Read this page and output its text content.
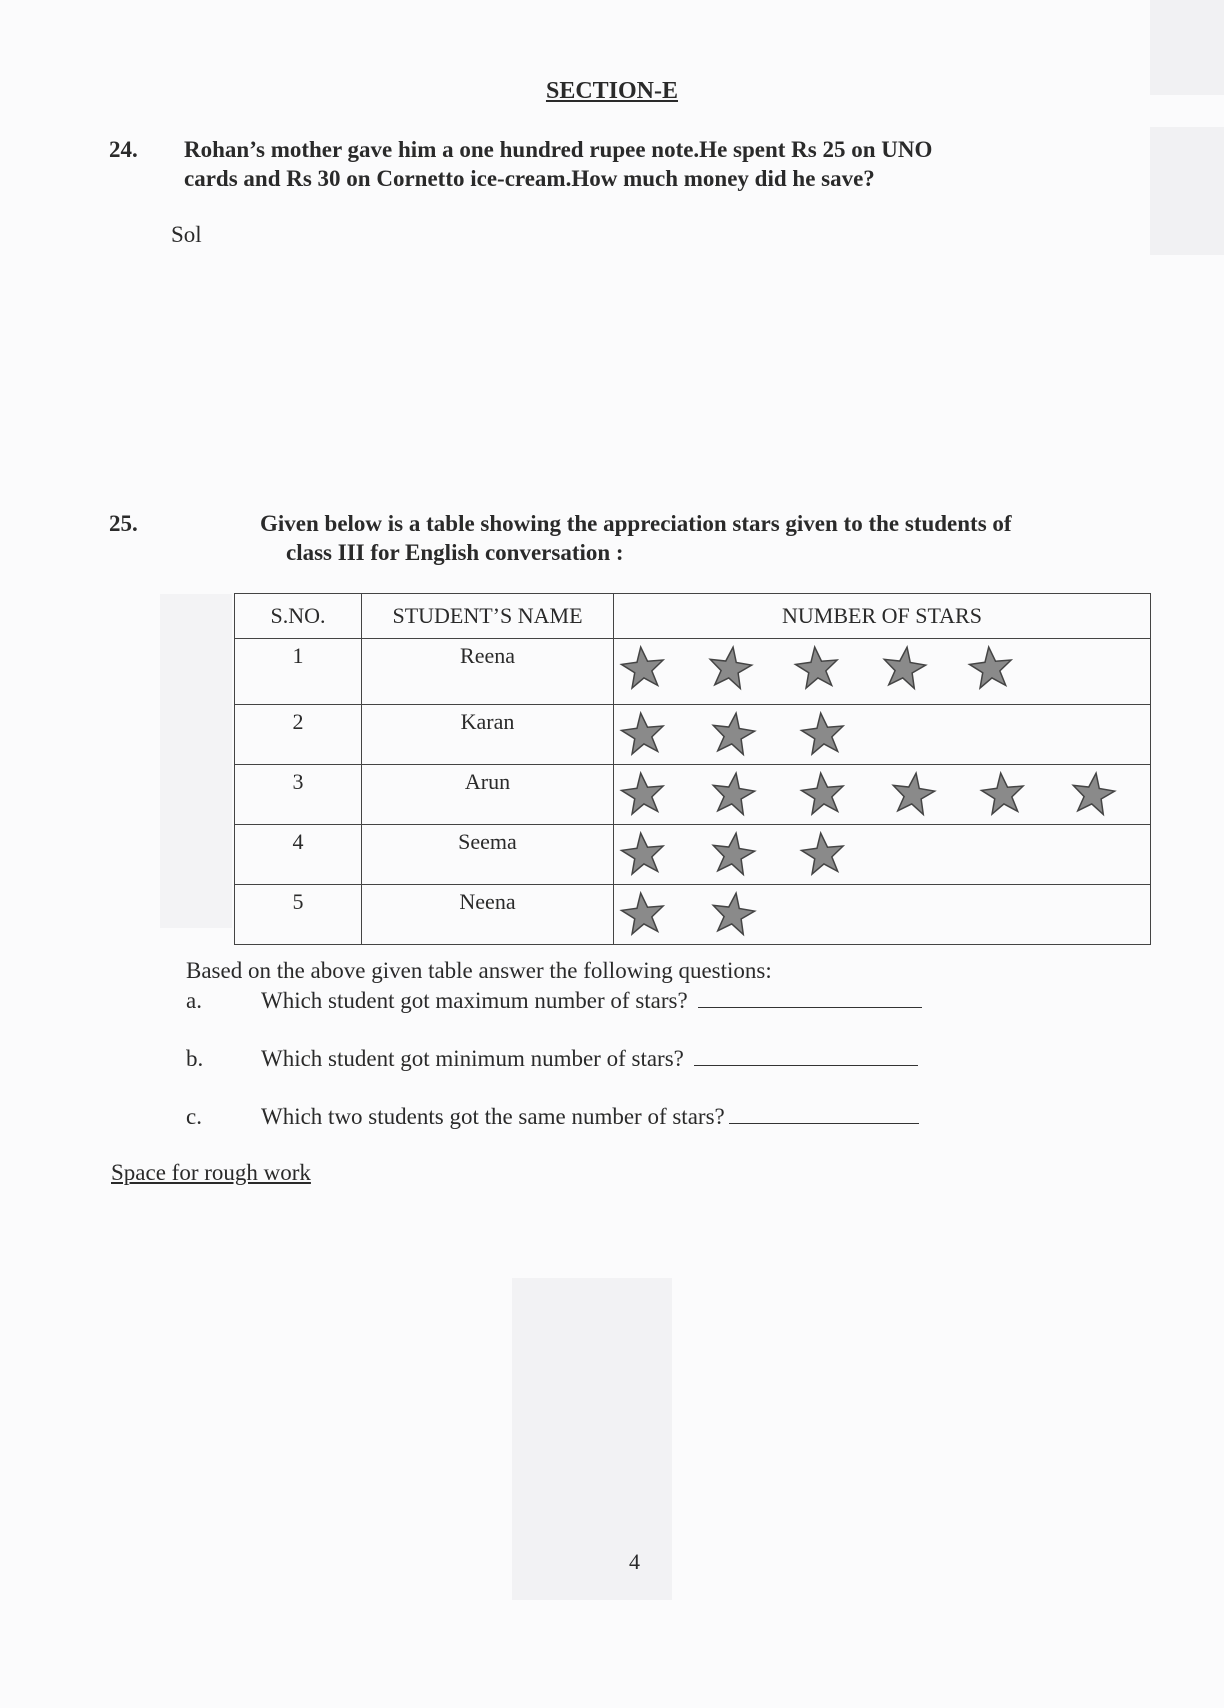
SECTION-E
24. Rohan’s mother gave him a one hundred rupee note.He spent Rs 25 on UNO
cards and Rs 30 on Cornetto ice-cream.How much money did he save?
Sol
25.	Given below is a table showing the appreciation stars given to the students of
class III for English conversation :
S.NO.	STUDENT’S NAME	NUMBER OF STARS
1	Reena	

2	Karan	

3	Arun	

4	Seema	

5	Neena	
Based on the above given table answer the following questions:
a.	Which student got maximum number of stars?
b.	Which student got minimum number of stars?
c.	Which two students got the same number of stars?
Space for rough work
4
